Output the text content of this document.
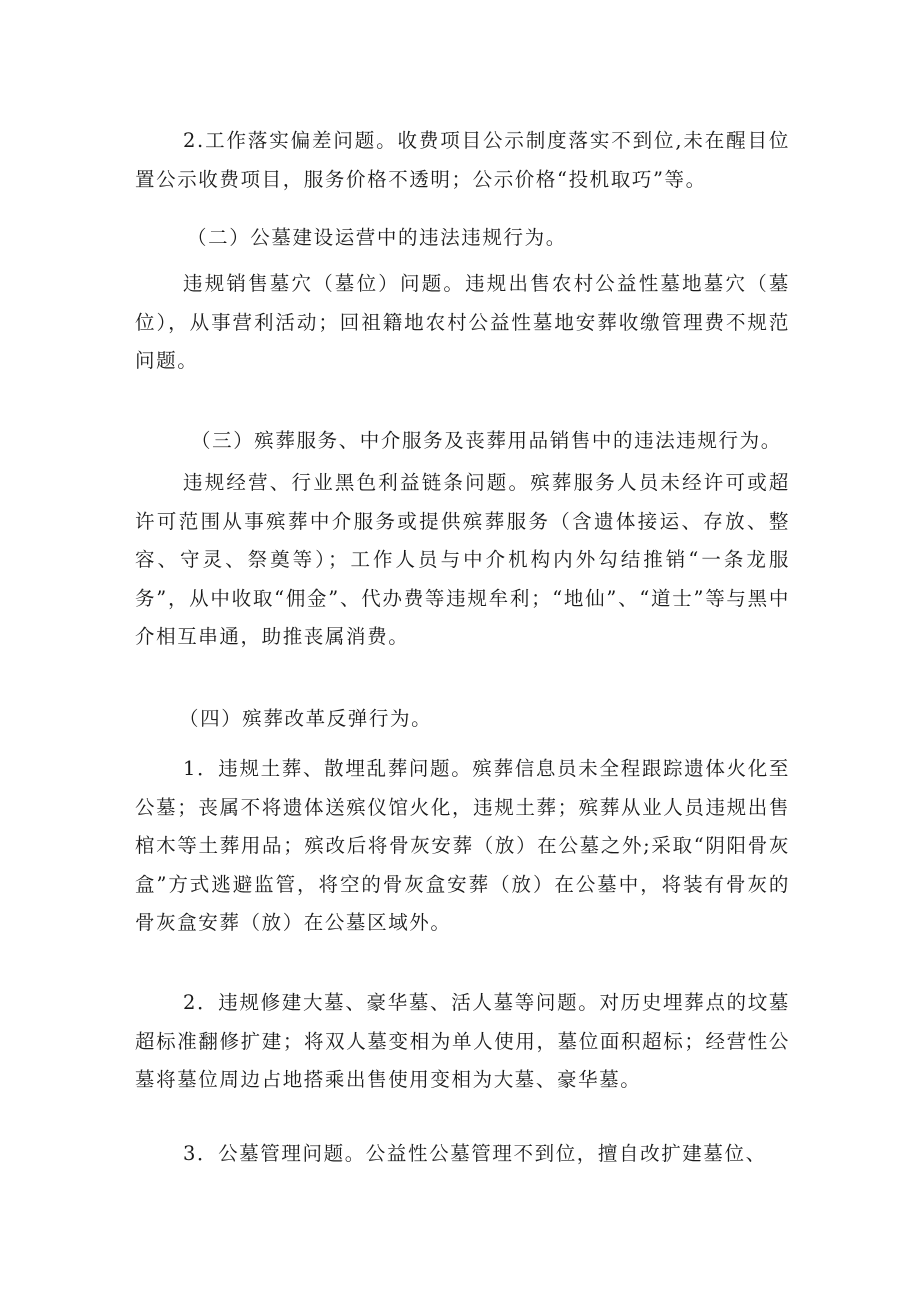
2.工作落实偏差问题。收费项目公示制度落实不到位,未在醒目位置公示收费项目，服务价格不透明；公示价格“投机取巧”等。

（二）公墓建设运营中的违法违规行为。

违规销售墓穴（墓位）问题。违规出售农村公益性墓地墓穴（墓位），从事营利活动；回祖籍地农村公益性墓地安葬收缴管理费不规范问题。

（三）殡葬服务、中介服务及丧葬用品销售中的违法违规行为。

违规经营、行业黑色利益链条问题。殡葬服务人员未经许可或超许可范围从事殡葬中介服务或提供殡葬服务（含遗体接运、存放、整容、守灵、祭奠等）；工作人员与中介机构内外勾结推销“一条龙服务”，从中收取“佣金”、代办费等违规牟利；“地仙”、“道士”等与黑中介相互串通，助推丧属消费。

（四）殡葬改革反弹行为。

1．违规土葬、散埋乱葬问题。殡葬信息员未全程跟踪遗体火化至公墓；丧属不将遗体送殡仪馆火化，违规土葬；殡葬从业人员违规出售棺木等土葬用品；殡改后将骨灰安葬（放）在公墓之外;采取“阴阳骨灰盒”方式逃避监管，将空的骨灰盒安葬（放）在公墓中，将装有骨灰的骨灰盒安葬（放）在公墓区域外。

2．违规修建大墓、豪华墓、活人墓等问题。对历史埋葬点的坟墓超标准翻修扩建；将双人墓变相为单人使用，墓位面积超标；经营性公墓将墓位周边占地搭乘出售使用变相为大墓、豪华墓。

3．公墓管理问题。公益性公墓管理不到位，擅自改扩建墓位、
